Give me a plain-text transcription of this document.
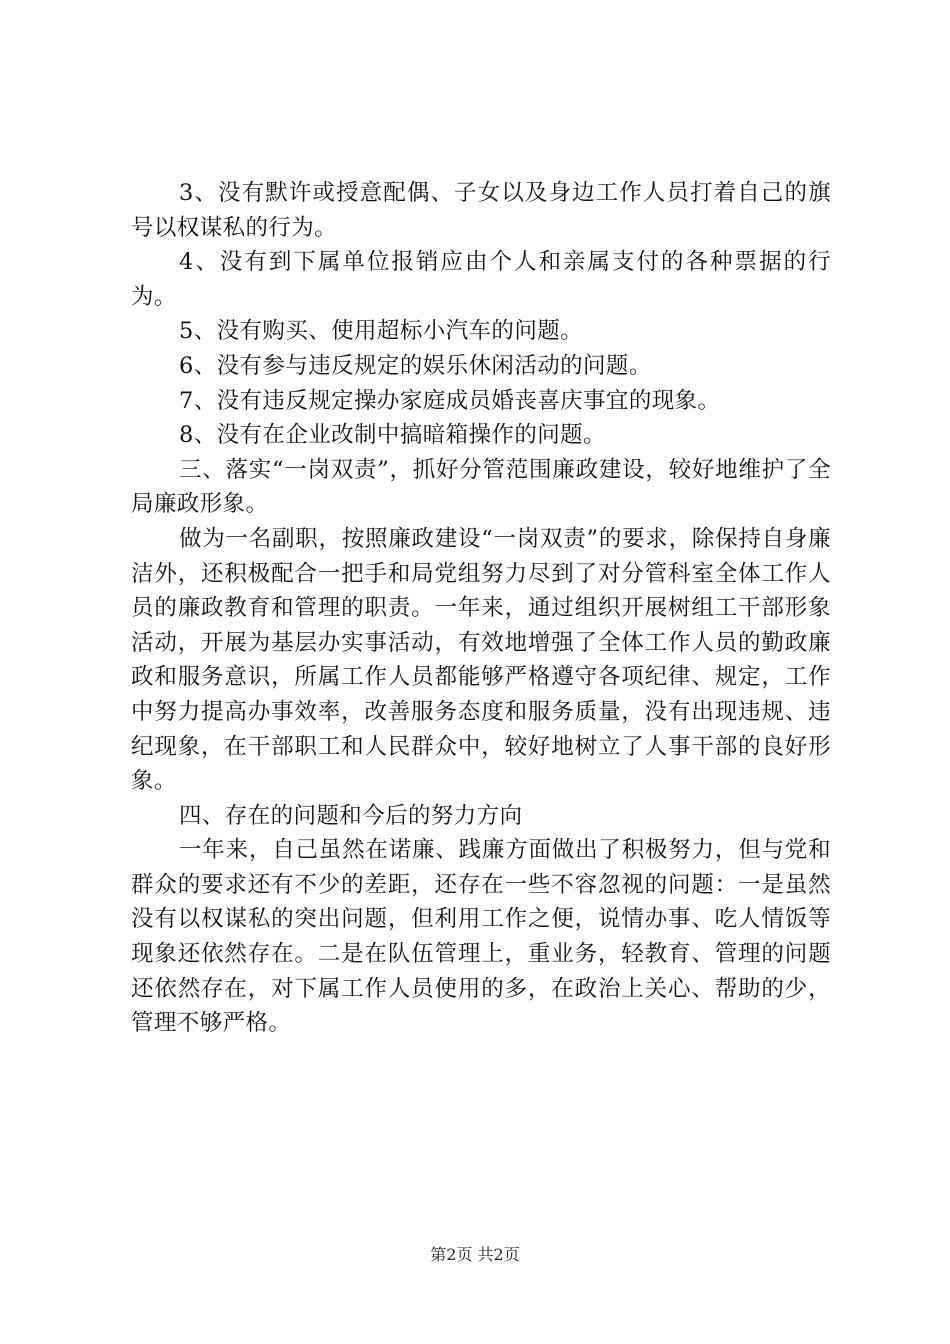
3、没有默许或授意配偶、子女以及身边工作人员打着自己的旗号以权谋私的行为。

4、没有到下属单位报销应由个人和亲属支付的各种票据的行为。

5、没有购买、使用超标小汽车的问题。

6、没有参与违反规定的娱乐休闲活动的问题。

7、没有违反规定操办家庭成员婚丧喜庆事宜的现象。

8、没有在企业改制中搞暗箱操作的问题。

三、落实“一岗双责”，抓好分管范围廉政建设，较好地维护了全局廉政形象。

做为一名副职，按照廉政建设“一岗双责”的要求，除保持自身廉洁外，还积极配合一把手和局党组努力尽到了对分管科室全体工作人员的廉政教育和管理的职责。一年来，通过组织开展树组工干部形象活动，开展为基层办实事活动，有效地增强了全体工作人员的勤政廉政和服务意识，所属工作人员都能够严格遵守各项纪律、规定，工作中努力提高办事效率，改善服务态度和服务质量，没有出现违规、违纪现象，在干部职工和人民群众中，较好地树立了人事干部的良好形象。

四、存在的问题和今后的努力方向

一年来，自己虽然在诺廉、践廉方面做出了积极努力，但与党和群众的要求还有不少的差距，还存在一些不容忽视的问题：一是虽然没有以权谋私的突出问题，但利用工作之便，说情办事、吃人情饭等现象还依然存在。二是在队伍管理上，重业务，轻教育、管理的问题还依然存在，对下属工作人员使用的多，在政治上关心、帮助的少，管理不够严格。

第2页 共2页
